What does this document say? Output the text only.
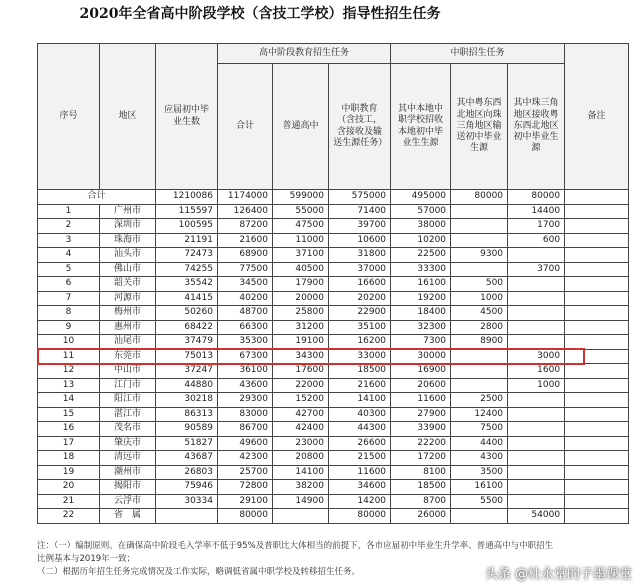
2020年全省高中阶段学校（含技工学校）指导性招生任务
序号	地区	应届初中毕业生数	高中阶段教育招生任务			中职招生任务			备注
			合计	普通高中	中职教育（含技工，含接收及输送生源任务）	其中本地中职学校招收本地初中毕业生生源	其中粤东西北地区向珠三角地区输送初中毕业生源	其中珠三角地区接收粤东西北地区初中毕业生源	
合计		1210086	1174000	599000	575000	495000	80000	80000	
1	广州市	115597	126400	55000	71400	57000		14400	
2	深圳市	100595	87200	47500	39700	38000		1700	
3	珠海市	21191	21600	11000	10600	10200		600	
4	汕头市	72473	68900	37100	31800	22500	9300		
5	佛山市	74255	77500	40500	37000	33300		3700	
6	韶关市	35542	34500	17900	16600	16100	500		
7	河源市	41415	40200	20000	20200	19200	1000		
8	梅州市	50260	48700	25800	22900	18400	4500		
9	惠州市	68422	66300	31200	35100	32300	2800		
10	汕尾市	37479	35300	19100	16200	7300	8900		
11	东莞市	75013	67300	34300	33000	30000		3000	
12	中山市	37247	36100	17600	18500	16900		1600	
13	江门市	44880	43600	22000	21600	20600		1000	
14	阳江市	30218	29300	15200	14100	11600	2500		
15	湛江市	86313	83000	42700	40300	27900	12400		
16	茂名市	90589	86700	42400	44300	33900	7500		
17	肇庆市	51827	49600	23000	26600	22200	4400		
18	清远市	43687	42300	20800	21500	17200	4300		
19	潮州市	26803	25700	14100	11600	8100	3500		
20	揭阳市	75946	72800	38200	34600	18500	16100		
21	云浮市	30334	29100	14900	14200	8700	5500		
22	省　属		80000		80000	26000		54000	
注：（一）编制原则。在确保高中阶段毛入学率不低于95%及普职比大体相当的前提下，各市应届初中毕业生升学率、普通高中与中职招生
比例基本与2019年一致；
（二）根据历年招生任务完成情况及工作实际，略调低省属中职学校及转移招生任务。	头条 @杜永堂的子墨课堂
